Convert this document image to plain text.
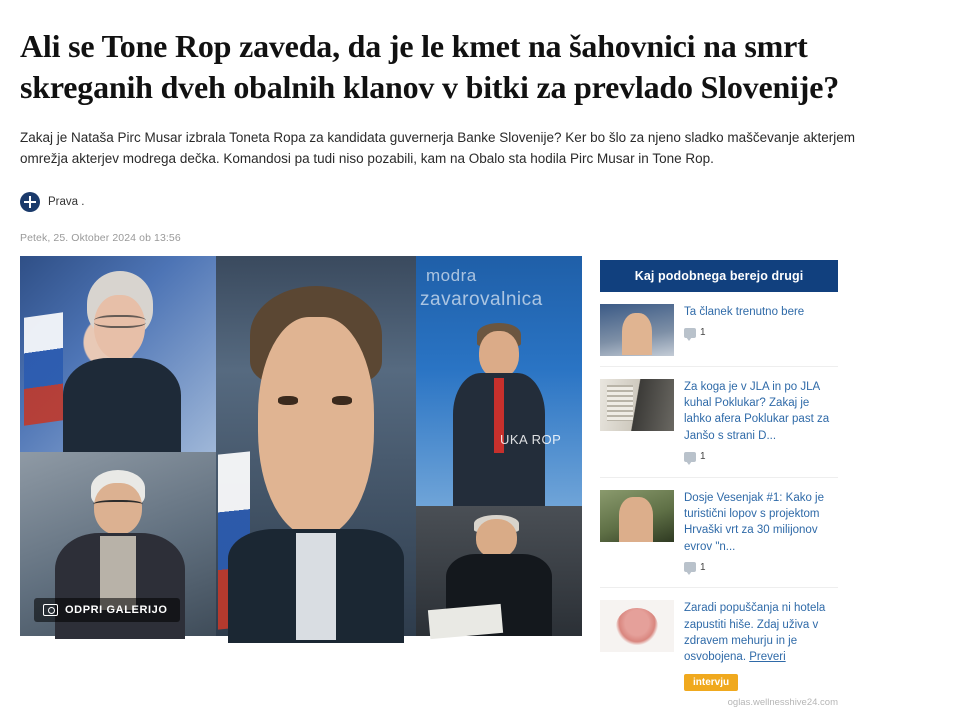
Ali se Tone Rop zaveda, da je le kmet na šahovnici na smrt skreganih dveh obalnih klanov v bitki za prevlado Slovenije?

Zakaj je Nataša Pirc Musar izbrala Toneta Ropa za kandidata guvernerja Banke Slovenije? Ker bo šlo za njeno sladko maščevanje akterjem omrežja akterjev modrega dečka. Komandosi pa tudi niso pozabili, kam na Obalo sta hodila Pirc Musar in Tone Rop.

Prava .
Petek, 25. Oktober 2024 ob 13:56
modra
zavarovalnica
UKA ROP
ODPRI GALERIJO
Kaj podobnega berejo drugi
Ta članek trenutno bere
1
Za koga je v JLA in po JLA kuhal Poklukar? Zakaj je lahko afera Poklukar past za Janšo s strani D...
1
Dosje Vesenjak #1: Kako je turistični lopov s projektom Hrvaški vrt za 30 milijonov evrov "n...
1
Zaradi popuščanja ni hotela zapustiti hiše. Zdaj uživa v zdravem mehurju in je osvobojena. Preveri
intervju
oglas.wellnesshive24.com
